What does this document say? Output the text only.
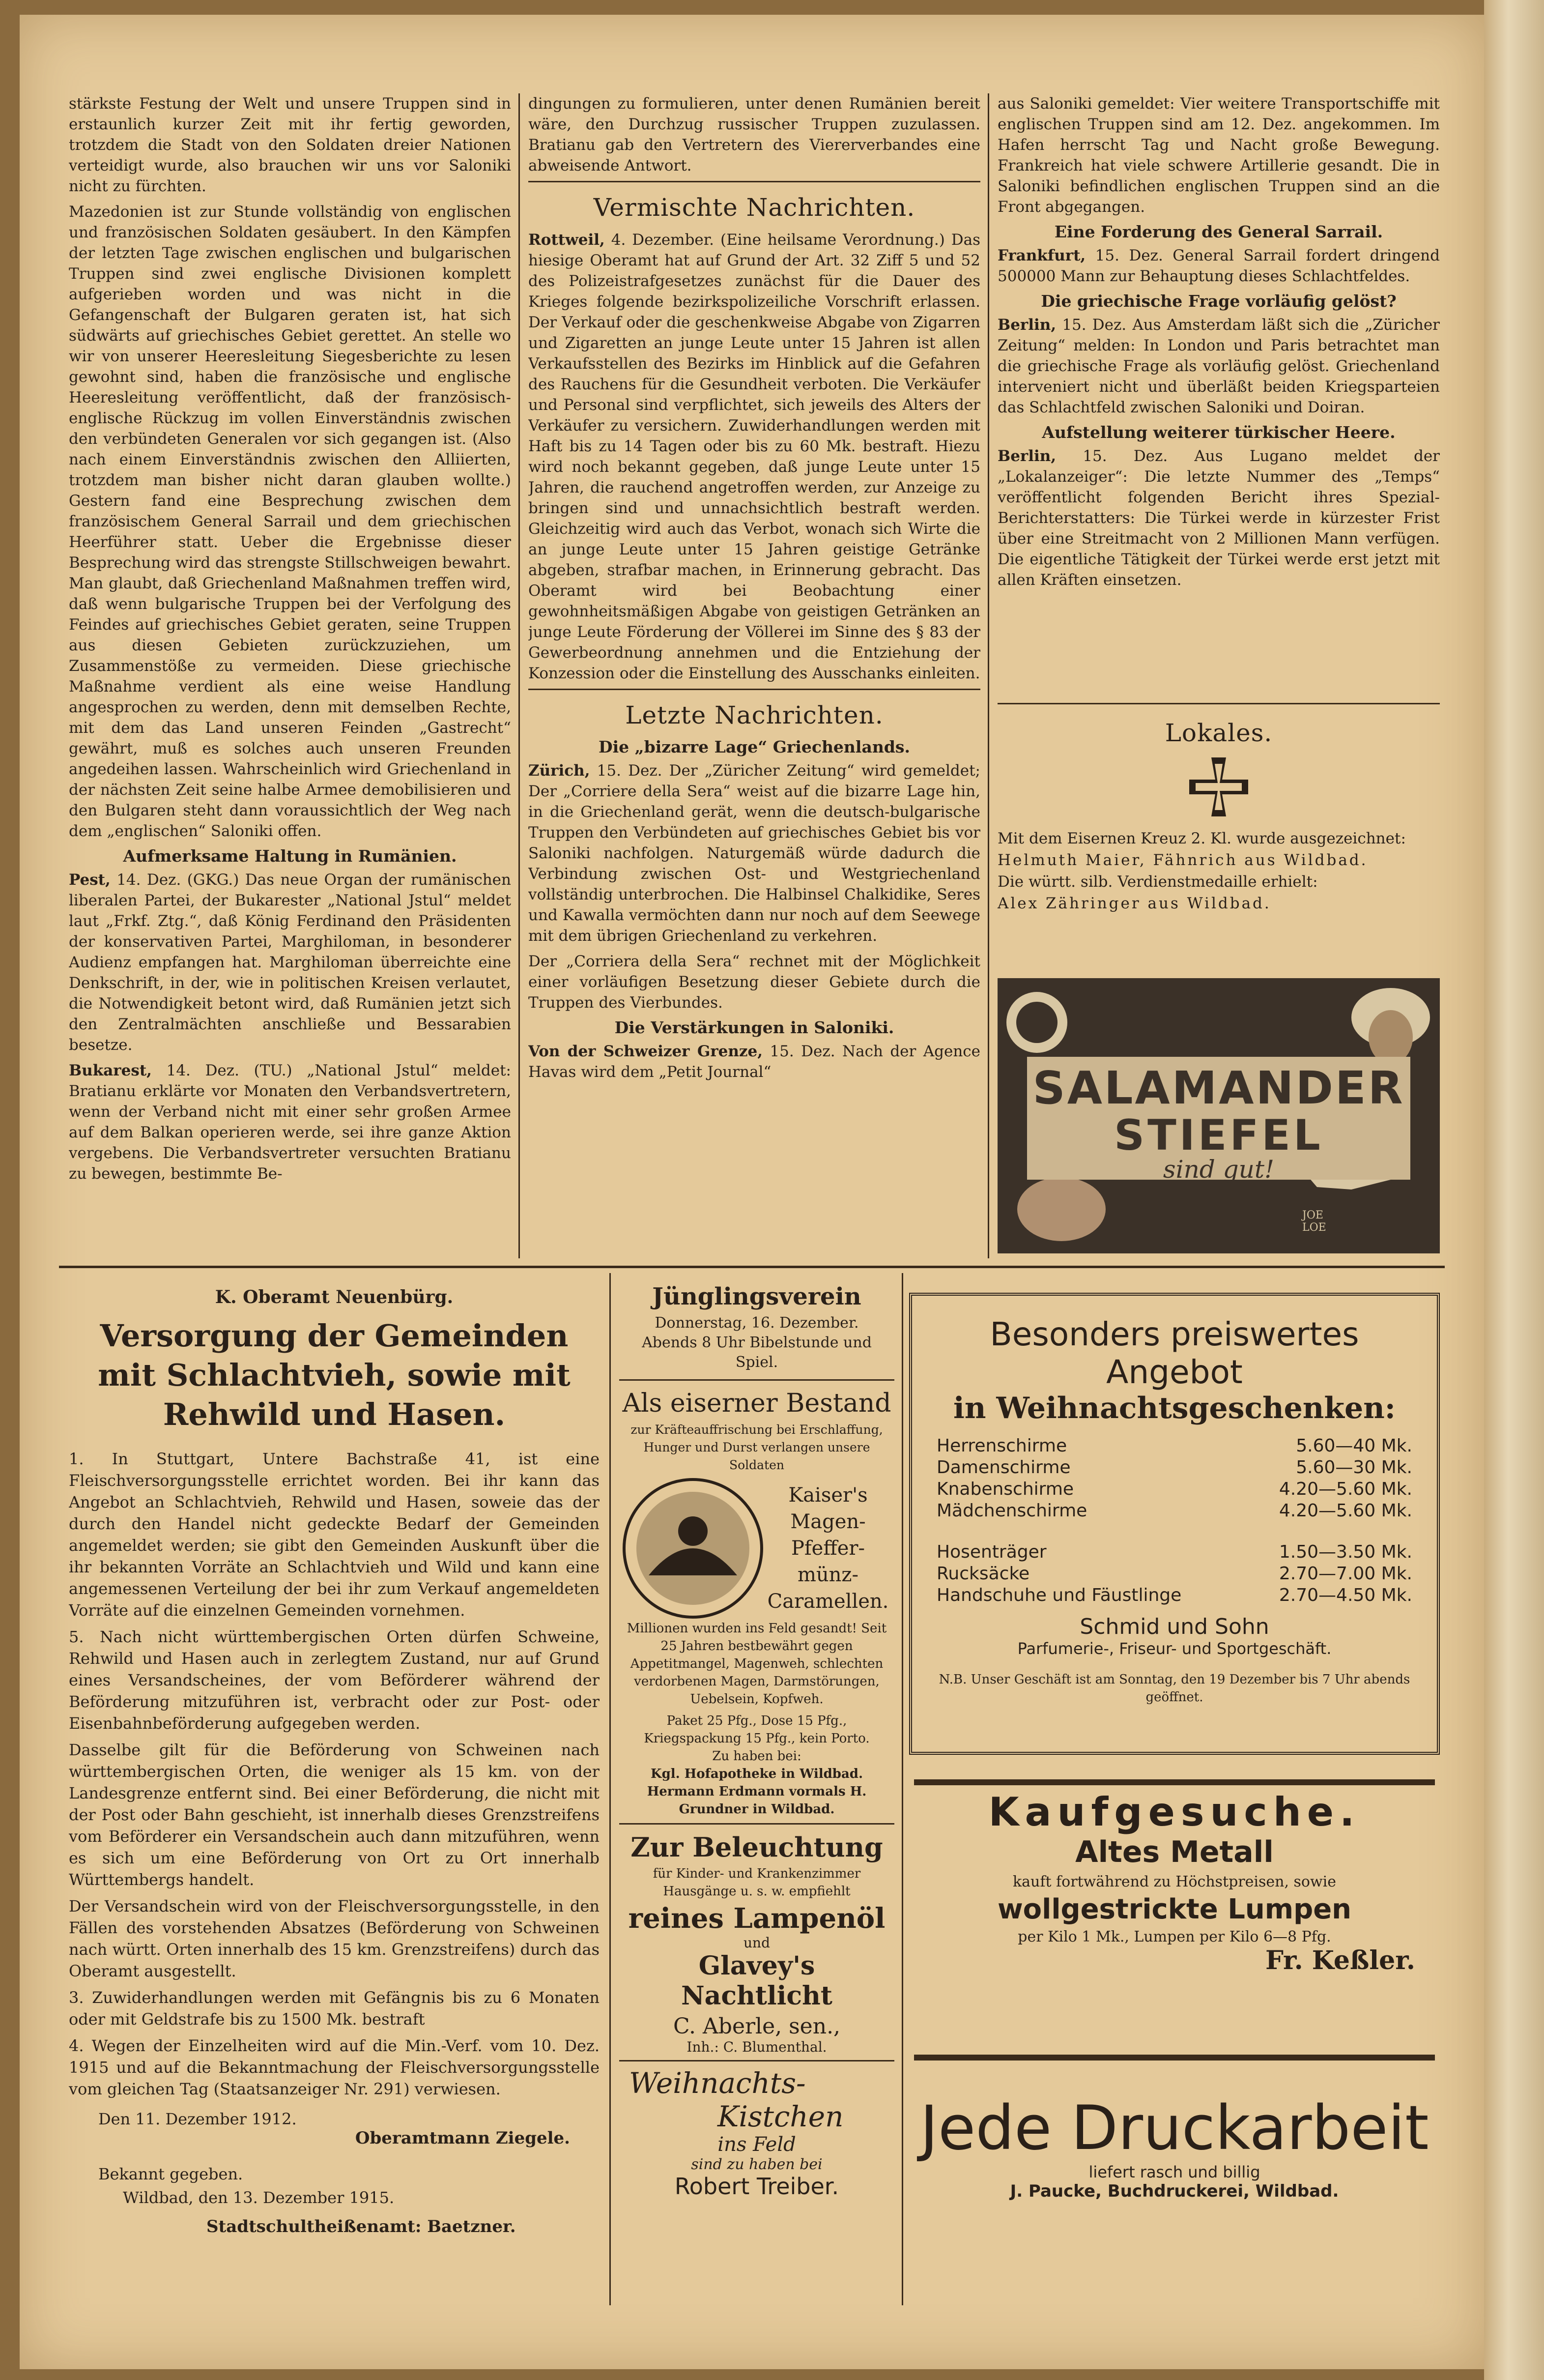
stärkste Festung der Welt und unsere Truppen sind in erstaunlich kurzer Zeit mit ihr fertig geworden, trotzdem die Stadt von den Soldaten dreier Nationen verteidigt wurde, also brauchen wir uns vor Saloniki nicht zu fürchten.

Mazedonien ist zur Stunde vollständig von englischen und französischen Soldaten gesäubert. In den Kämpfen der letzten Tage zwischen englischen und bulgarischen Truppen sind zwei englische Divisionen komplett aufgerieben worden und was nicht in die Gefangenschaft der Bulgaren geraten ist, hat sich südwärts auf griechisches Gebiet gerettet. An stelle wo wir von unserer Heeresleitung Siegesberichte zu lesen gewohnt sind, haben die französische und englische Heeresleitung veröffentlicht, daß der französisch-englische Rückzug im vollen Einverständnis zwischen den verbündeten Generalen vor sich gegangen ist. (Also nach einem Einverständnis zwischen den Alliierten, trotzdem man bisher nicht daran glauben wollte.) Gestern fand eine Besprechung zwischen dem französischem General Sarrail und dem griechischen Heerführer statt. Ueber die Ergebnisse dieser Besprechung wird das strengste Stillschweigen bewahrt. Man glaubt, daß Griechenland Maßnahmen treffen wird, daß wenn bulgarische Truppen bei der Verfolgung des Feindes auf griechisches Gebiet geraten, seine Truppen aus diesen Gebieten zurückzuziehen, um Zusammenstöße zu vermeiden. Diese griechische Maßnahme verdient als eine weise Handlung angesprochen zu werden, denn mit demselben Rechte, mit dem das Land unseren Feinden „Gastrecht“ gewährt, muß es solches auch unseren Freunden angedeihen lassen. Wahrscheinlich wird Griechenland in der nächsten Zeit seine halbe Armee demobilisieren und den Bulgaren steht dann voraussichtlich der Weg nach dem „englischen“ Saloniki offen.

Aufmerksame Haltung in Rumänien.

Pest, 14. Dez. (GKG.) Das neue Organ der rumänischen liberalen Partei, der Bukarester „National Jstul“ meldet laut „Frkf. Ztg.“, daß König Ferdinand den Präsidenten der konservativen Partei, Marghiloman, in besonderer Audienz empfangen hat. Marghiloman überreichte eine Denkschrift, in der, wie in politischen Kreisen verlautet, die Notwendigkeit betont wird, daß Rumänien jetzt sich den Zentralmächten anschließe und Bessarabien besetze.

Bukarest, 14. Dez. (TU.) „National Jstul“ meldet: Bratianu erklärte vor Monaten den Verbandsvertretern, wenn der Verband nicht mit einer sehr großen Armee auf dem Balkan operieren werde, sei ihre ganze Aktion vergebens. Die Verbandsvertreter versuchten Bratianu zu bewegen, bestimmte Be-

dingungen zu formulieren, unter denen Rumänien bereit wäre, den Durchzug russischer Truppen zuzulassen. Bratianu gab den Vertretern des Viererverbandes eine abweisende Antwort.

Vermischte Nachrichten.

Rottweil, 4. Dezember. (Eine heilsame Verordnung.) Das hiesige Oberamt hat auf Grund der Art. 32 Ziff 5 und 52 des Polizeistrafgesetzes zunächst für die Dauer des Krieges folgende bezirkspolizeiliche Vorschrift erlassen. Der Verkauf oder die geschenkweise Abgabe von Zigarren und Zigaretten an junge Leute unter 15 Jahren ist allen Verkaufsstellen des Bezirks im Hinblick auf die Gefahren des Rauchens für die Gesundheit verboten. Die Verkäufer und Personal sind verpflichtet, sich jeweils des Alters der Verkäufer zu versichern. Zuwiderhandlungen werden mit Haft bis zu 14 Tagen oder bis zu 60 Mk. bestraft. Hiezu wird noch bekannt gegeben, daß junge Leute unter 15 Jahren, die rauchend angetroffen werden, zur Anzeige zu bringen sind und unnachsichtlich bestraft werden. Gleichzeitig wird auch das Verbot, wonach sich Wirte die an junge Leute unter 15 Jahren geistige Getränke abgeben, strafbar machen, in Erinnerung gebracht. Das Oberamt wird bei Beobachtung einer gewohnheitsmäßigen Abgabe von geistigen Getränken an junge Leute Förderung der Völlerei im Sinne des § 83 der Gewerbeordnung annehmen und die Entziehung der Konzession oder die Einstellung des Ausschanks einleiten.

Letzte Nachrichten.
Die „bizarre Lage“ Griechenlands.

Zürich, 15. Dez. Der „Züricher Zeitung“ wird gemeldet; Der „Corriere della Sera“ weist auf die bizarre Lage hin, in die Griechenland gerät, wenn die deutsch-bulgarische Truppen den Verbündeten auf griechisches Gebiet bis vor Saloniki nachfolgen. Naturgemäß würde dadurch die Verbindung zwischen Ost- und Westgriechenland vollständig unterbrochen. Die Halbinsel Chalkidike, Seres und Kawalla vermöchten dann nur noch auf dem Seewege mit dem übrigen Griechenland zu verkehren.

Der „Corriera della Sera“ rechnet mit der Möglichkeit einer vorläufigen Besetzung dieser Gebiete durch die Truppen des Vierbundes.

Die Verstärkungen in Saloniki.

Von der Schweizer Grenze, 15. Dez. Nach der Agence Havas wird dem „Petit Journal“

aus Saloniki gemeldet: Vier weitere Transportschiffe mit englischen Truppen sind am 12. Dez. angekommen. Im Hafen herrscht Tag und Nacht große Bewegung. Frankreich hat viele schwere Artillerie gesandt. Die in Saloniki befindlichen englischen Truppen sind an die Front abgegangen.

Eine Forderung des General Sarrail.

Frankfurt, 15. Dez. General Sarrail fordert dringend 500000 Mann zur Behauptung dieses Schlachtfeldes.

Die griechische Frage vorläufig gelöst?

Berlin, 15. Dez. Aus Amsterdam läßt sich die „Züricher Zeitung“ melden: In London und Paris betrachtet man die griechische Frage als vorläufig gelöst. Griechenland interveniert nicht und überläßt beiden Kriegsparteien das Schlachtfeld zwischen Saloniki und Doiran.

Aufstellung weiterer türkischer Heere.

Berlin, 15. Dez. Aus Lugano meldet der „Lokalanzeiger“: Die letzte Nummer des „Temps“ veröffentlicht folgenden Bericht ihres Spezial-Berichterstatters: Die Türkei werde in kürzester Frist über eine Streitmacht von 2 Millionen Mann verfügen. Die eigentliche Tätigkeit der Türkei werde erst jetzt mit allen Kräften einsetzen.

Lokales.
Mit dem Eisernen Kreuz 2. Kl. wurde ausgezeichnet:
Helmuth Maier, Fähnrich aus Wildbad.
Die württ. silb. Verdienstmedaille erhielt:
Alex Zähringer aus Wildbad.
SALAMANDER
STIEFEL
sind gut!
JOE
LOE
K. Oberamt Neuenbürg.
Versorgung der Gemeinden mit Schlachtvieh, sowie mit Rehwild und Hasen.

1. In Stuttgart, Untere Bachstraße 41, ist eine Fleischversorgungsstelle errichtet worden. Bei ihr kann das Angebot an Schlachtvieh, Rehwild und Hasen, soweie das der durch den Handel nicht gedeckte Bedarf der Gemeinden angemeldet werden; sie gibt den Gemeinden Auskunft über die ihr bekannten Vorräte an Schlachtvieh und Wild und kann eine angemessenen Verteilung der bei ihr zum Verkauf angemeldeten Vorräte auf die einzelnen Gemeinden vornehmen.

5. Nach nicht württembergischen Orten dürfen Schweine, Rehwild und Hasen auch in zerlegtem Zustand, nur auf Grund eines Versandscheines, der vom Beförderer während der Beförderung mitzuführen ist, verbracht oder zur Post- oder Eisenbahnbeförderung aufgegeben werden.

Dasselbe gilt für die Beförderung von Schweinen nach württembergischen Orten, die weniger als 15 km. von der Landesgrenze entfernt sind. Bei einer Beförderung, die nicht mit der Post oder Bahn geschieht, ist innerhalb dieses Grenzstreifens vom Beförderer ein Versandschein auch dann mitzuführen, wenn es sich um eine Beförderung von Ort zu Ort innerhalb Württembergs handelt.

Der Versandschein wird von der Fleischversorgungsstelle, in den Fällen des vorstehenden Absatzes (Beförderung von Schweinen nach württ. Orten innerhalb des 15 km. Grenzstreifens) durch das Oberamt ausgestellt.

3. Zuwiderhandlungen werden mit Gefängnis bis zu 6 Monaten oder mit Geldstrafe bis zu 1500 Mk. bestraft

4. Wegen der Einzelheiten wird auf die Min.-Verf. vom 10. Dez. 1915 und auf die Bekanntmachung der Fleischversorgungsstelle vom gleichen Tag (Staatsanzeiger Nr. 291) verwiesen.

Den 11. Dezember 1912.
Oberamtmann Ziegele.
Bekannt gegeben.
Wildbad, den 13. Dezember 1915.
Stadtschultheißenamt: Baetzner.
Jünglingsverein
Donnerstag, 16. Dezember. Abends 8 Uhr Bibelstunde und Spiel.
Als eiserner Bestand
zur Kräfteauffrischung bei Erschlaffung, Hunger und Durst verlangen unsere Soldaten
Kaiser's Magen-Pfeffer-münz-Caramellen.
Millionen wurden ins Feld gesandt! Seit 25 Jahren bestbewährt gegen Appetitmangel, Magenweh, schlechten verdorbenen Magen, Darmstörungen, Uebelsein, Kopfweh.
Paket 25 Pfg., Dose 15 Pfg., Kriegspackung 15 Pfg., kein Porto.
Zu haben bei:
Kgl. Hofapotheke in Wildbad.
Hermann Erdmann vormals H. Grundner in Wildbad.
Zur Beleuchtung
für Kinder- und Krankenzimmer Hausgänge u. s. w. empfiehlt
reines Lampenöl
und
Glavey's Nachtlicht
C. Aberle, sen.,
Inh.: C. Blumenthal.
Weihnachts-
Kistchen
ins Feld
sind zu haben bei
Robert Treiber.
Besonders preiswertes Angebot
in Weihnachtsgeschenken:
Herrenschirme	5.60—40 Mk.
Damenschirme	5.60—30 Mk.
Knabenschirme	4.20—5.60 Mk.
Mädchenschirme	4.20—5.60 Mk.
Hosenträger	1.50—3.50 Mk.
Rucksäcke	2.70—7.00 Mk.
Handschuhe und Fäustlinge	2.70—4.50 Mk.
Schmid und Sohn
Parfumerie-, Friseur- und Sportgeschäft.
N.B. Unser Geschäft ist am Sonntag, den 19 Dezember bis 7 Uhr abends geöffnet.
Kaufgesuche.
Altes Metall
kauft fortwährend zu Höchstpreisen, sowie
wollgestrickte Lumpen
per Kilo 1 Mk., Lumpen per Kilo 6—8 Pfg.
Fr. Keßler.
Jede Druckarbeit
liefert rasch und billig
J. Paucke, Buchdruckerei, Wildbad.
